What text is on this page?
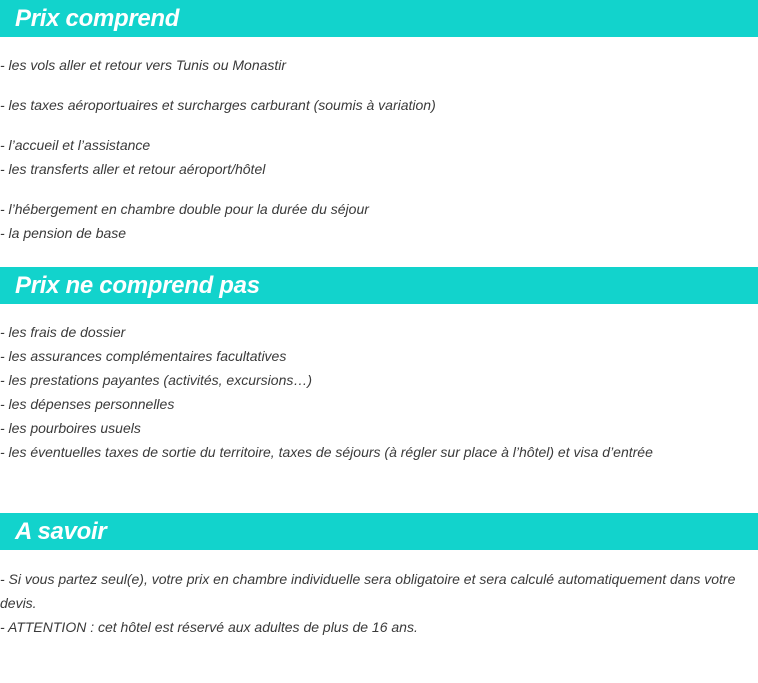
Prix comprend

- les vols aller et retour vers Tunis ou Monastir

- les taxes aéroportuaires et surcharges carburant (soumis à variation)

- l’accueil et l’assistance
- les transferts aller et retour aéroport/hôtel

- l’hébergement en chambre double pour la durée du séjour
- la pension de base

Prix ne comprend pas

- les frais de dossier
- les assurances complémentaires facultatives
- les prestations payantes (activités, excursions…)
- les dépenses personnelles
- les pourboires usuels
- les éventuelles taxes de sortie du territoire, taxes de séjours (à régler sur place à l’hôtel) et visa d’entrée

A savoir

- Si vous partez seul(e), votre prix en chambre individuelle sera obligatoire et sera calculé automatiquement dans votre devis.
- ATTENTION : cet hôtel est réservé aux adultes de plus de 16 ans.
